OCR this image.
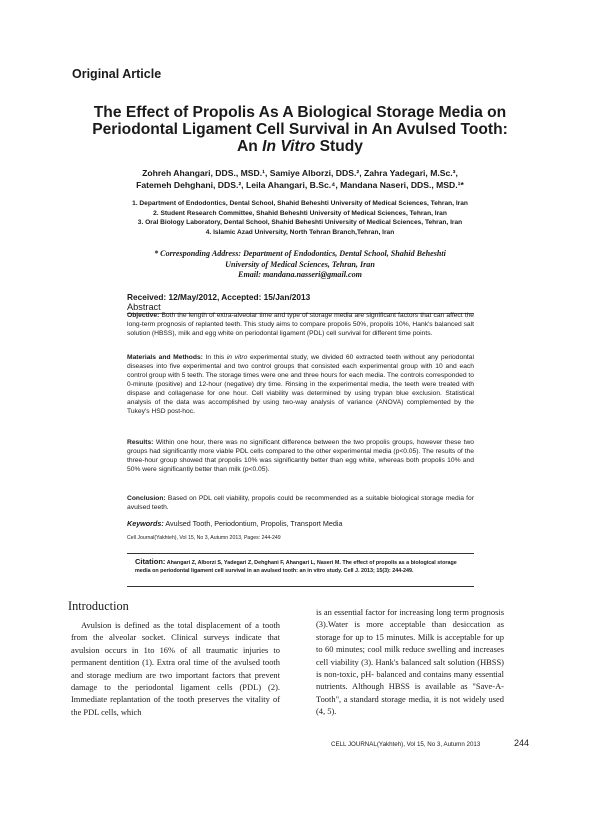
Original Article
The Effect of Propolis As A Biological Storage Media on
Periodontal Ligament Cell Survival in An Avulsed Tooth:
An In Vitro Study
Zohreh Ahangari, DDS., MSD.¹, Samiye Alborzi, DDS.², Zahra Yadegari, M.Sc.³,
Fatemeh Dehghani, DDS.², Leila Ahangari, B.Sc.⁴, Mandana Naseri, DDS., MSD.¹*
1. Department of Endodontics, Dental School, Shahid Beheshti University of Medical Sciences, Tehran, Iran
2. Student Research Committee, Shahid Beheshti University of Medical Sciences, Tehran, Iran
3. Oral Biology Laboratory, Dental School, Shahid Beheshti University of Medical Sciences, Tehran, Iran
4. Islamic Azad University, North Tehran Branch,Tehran, Iran
* Corresponding Address: Department of Endodontics, Dental School, Shahid Beheshti
University of Medical Sciences, Tehran, Iran
Email: mandana.nasseri@gmail.com
Received: 12/May/2012, Accepted: 15/Jan/2013
Abstract
Objective: Both the length of extra-alveolar time and type of storage media are significant factors that can affect the long-term prognosis of replanted teeth. This study aims to compare propolis 50%, propolis 10%, Hank's balanced salt solution (HBSS), milk and egg white on periodontal ligament (PDL) cell survival for different time points.
Materials and Methods: In this in vitro experimental study, we divided 60 extracted teeth without any periodontal diseases into five experimental and two control groups that consisted each experimental group with 10 and each control group with 5 teeth. The storage times were one and three hours for each media. The controls corresponded to 0-minute (positive) and 12-hour (negative) dry time. Rinsing in the experimental media, the teeth were treated with dispase and collagenase for one hour. Cell viability was determined by using trypan blue exclusion. Statistical analysis of the data was accomplished by using two-way analysis of variance (ANOVA) complemented by the Tukey's HSD post-hoc.
Results: Within one hour, there was no significant difference between the two propolis groups, however these two groups had significantly more viable PDL cells compared to the other experimental media (p<0.05). The results of the three-hour group showed that propolis 10% was significantly better than egg white, whereas both propolis 10% and 50% were significantly better than milk (p<0.05).
Conclusion: Based on PDL cell viability, propolis could be recommended as a suitable biological storage media for avulsed teeth.
Keywords: Avulsed Tooth, Periodontium, Propolis, Transport Media
Cell Journal(Yakhteh), Vol 15, No 3, Autumn 2013, Pages: 244-249
Citation: Ahangari Z, Alborzi S, Yadegari Z, Dehghani F, Ahangari L, Naseri M. The effect of propolis as a biological storage media on periodontal ligament cell survival in an avulsed tooth: an in vitro study. Cell J. 2013; 15(3): 244-249.
Introduction

Avulsion is defined as the total displacement of a tooth from the alveolar socket. Clinical surveys indicate that avulsion occurs in 1to 16% of all traumatic injuries to permanent dentition (1). Extra oral time of the avulsed tooth and storage medium are two important factors that prevent damage to the periodontal ligament cells (PDL) (2). Immediate replantation of the tooth preserves the vitality of the PDL cells, which

is an essential factor for increasing long term prognosis (3).Water is more acceptable than desiccation as storage for up to 15 minutes. Milk is acceptable for up to 60 minutes; cool milk reduce swelling and increases cell viability (3). Hank's balanced salt solution (HBSS) is non-toxic, pH- balanced and contains many essential nutrients. Although HBSS is available as "Save-A- Tooth", a standard storage media, it is not widely used (4, 5).

CELL JOURNAL(Yakhteh), Vol 15, No 3, Autumn 2013	244
